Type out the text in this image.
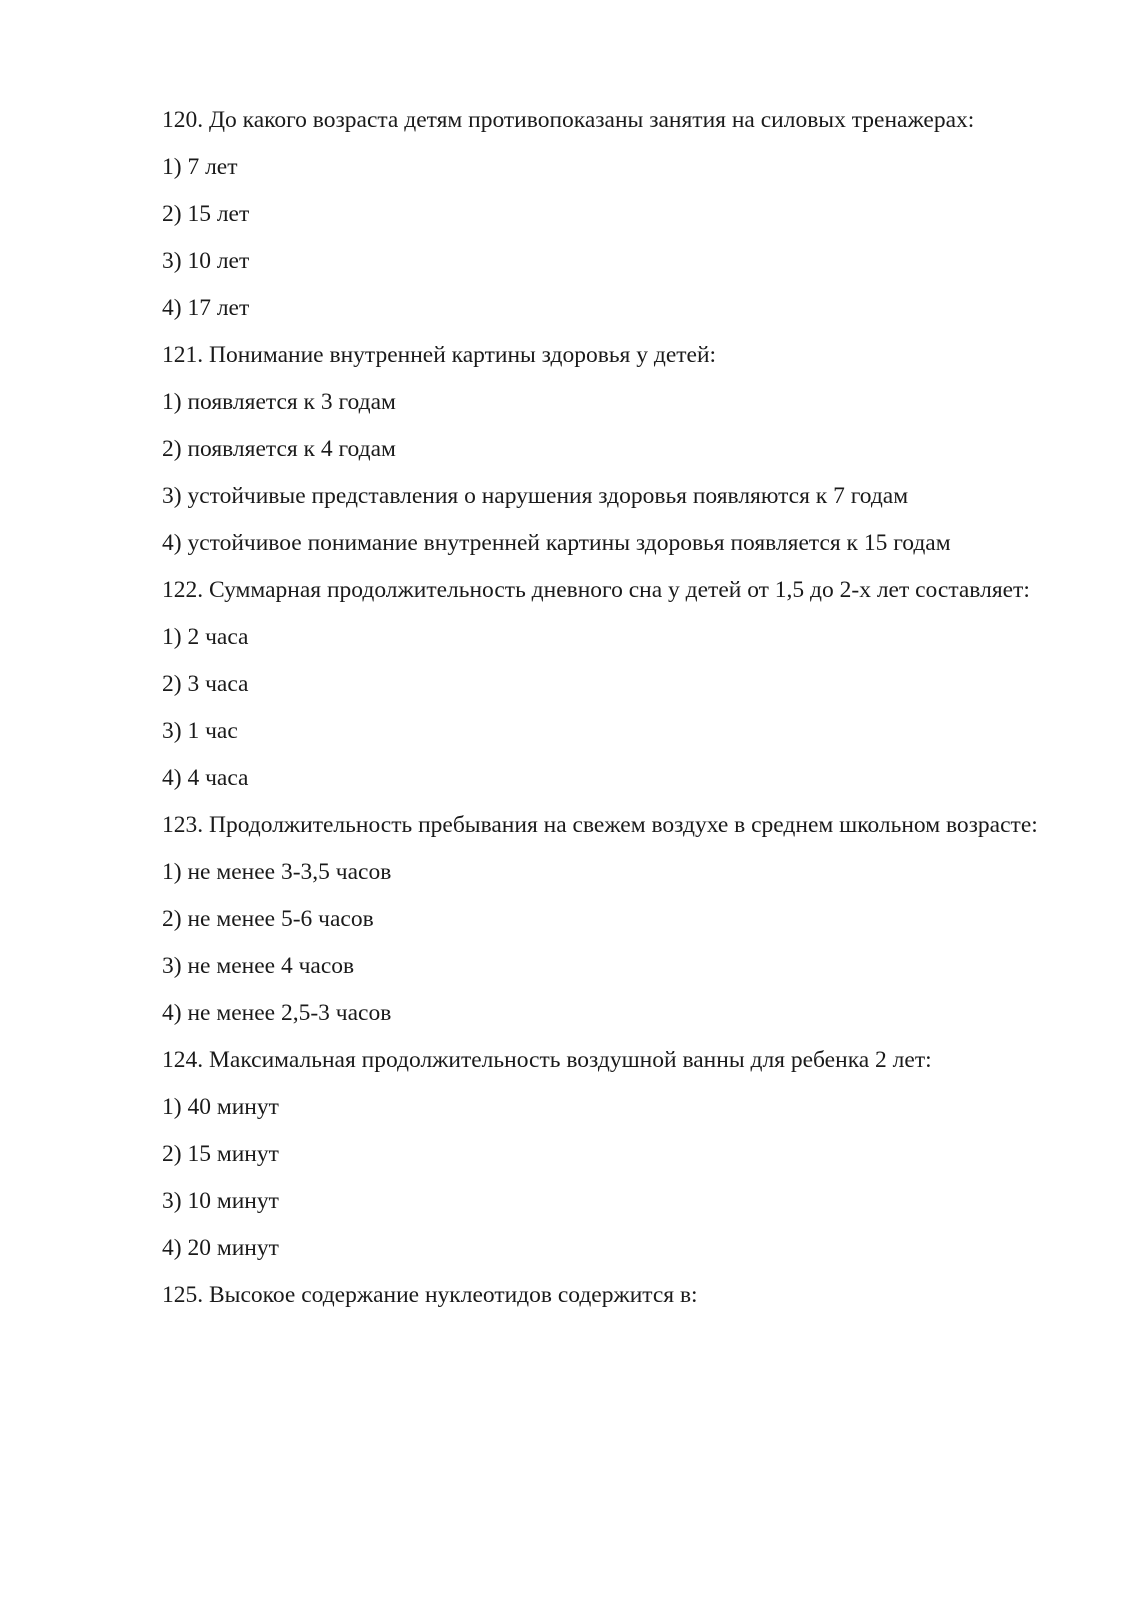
120. До какого возраста детям противопоказаны занятия на силовых тренажерах:

1) 7 лет

2) 15 лет

3) 10 лет

4) 17 лет

121. Понимание внутренней картины здоровья у детей:

1) появляется к 3 годам

2) появляется к 4 годам

3) устойчивые представления о нарушения здоровья появляются к 7 годам

4) устойчивое понимание внутренней картины здоровья появляется к 15 годам

122. Суммарная продолжительность дневного сна у детей от 1,5 до 2-х лет составляет:

1) 2 часа

2) 3 часа

3) 1 час

4) 4 часа

123. Продолжительность пребывания на свежем воздухе в среднем школьном возрасте:

1) не менее 3-3,5 часов

2) не менее 5-6 часов

3) не менее 4 часов

4) не менее 2,5-3 часов

124. Максимальная продолжительность воздушной ванны для ребенка 2 лет:

1) 40 минут

2) 15 минут

3) 10 минут

4) 20 минут

125. Высокое содержание нуклеотидов содержится в:
